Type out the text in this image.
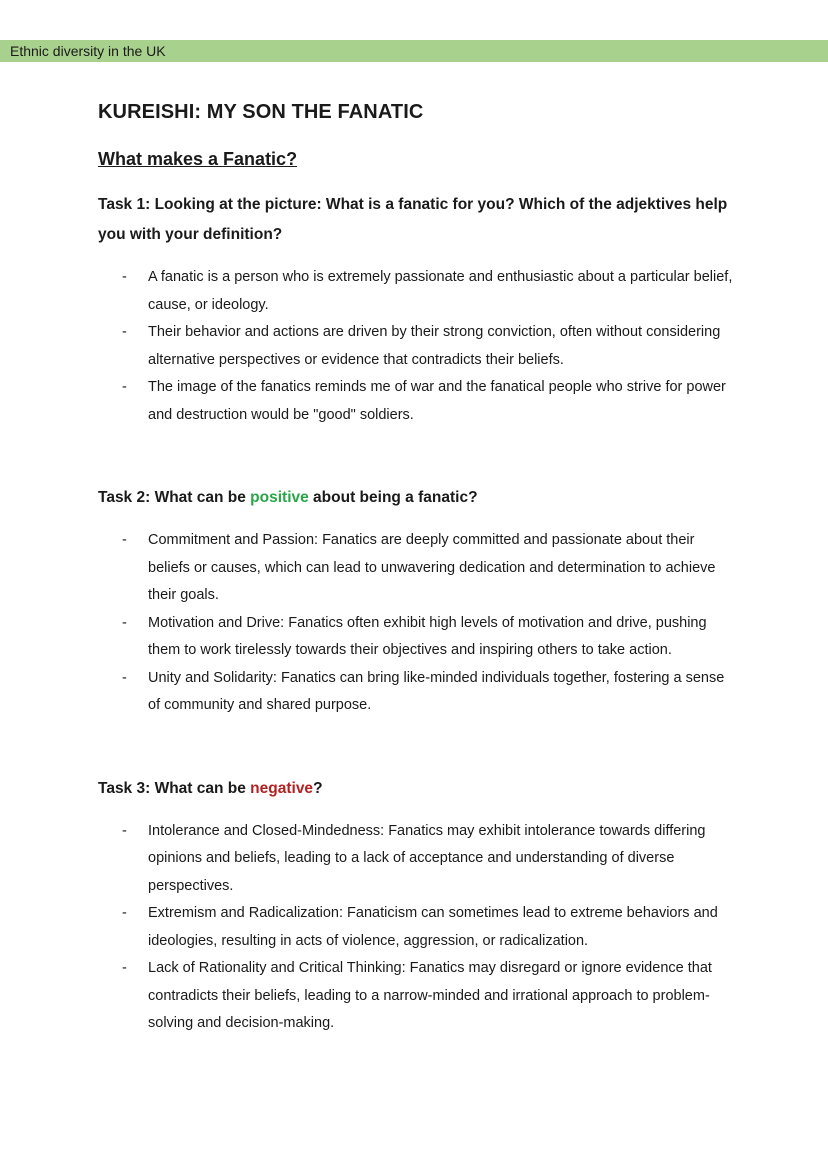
Ethnic diversity in the UK
KUREISHI: MY SON THE FANATIC
What makes a Fanatic?

Task 1: Looking at the picture: What is a fanatic for you? Which of the adjektives help you with your definition?

- A fanatic is a person who is extremely passionate and enthusiastic about a particular belief, cause, or ideology.
- Their behavior and actions are driven by their strong conviction, often without considering alternative perspectives or evidence that contradicts their beliefs.
- The image of the fanatics reminds me of war and the fanatical people who strive for power and destruction would be "good" soldiers.

Task 2: What can be positive about being a fanatic?

- Commitment and Passion: Fanatics are deeply committed and passionate about their beliefs or causes, which can lead to unwavering dedication and determination to achieve their goals.
- Motivation and Drive: Fanatics often exhibit high levels of motivation and drive, pushing them to work tirelessly towards their objectives and inspiring others to take action.
- Unity and Solidarity: Fanatics can bring like-minded individuals together, fostering a sense of community and shared purpose.

Task 3: What can be negative?

- Intolerance and Closed-Mindedness: Fanatics may exhibit intolerance towards differing opinions and beliefs, leading to a lack of acceptance and understanding of diverse perspectives.
- Extremism and Radicalization: Fanaticism can sometimes lead to extreme behaviors and ideologies, resulting in acts of violence, aggression, or radicalization.
- Lack of Rationality and Critical Thinking: Fanatics may disregard or ignore evidence that contradicts their beliefs, leading to a narrow-minded and irrational approach to problem-solving and decision-making.
